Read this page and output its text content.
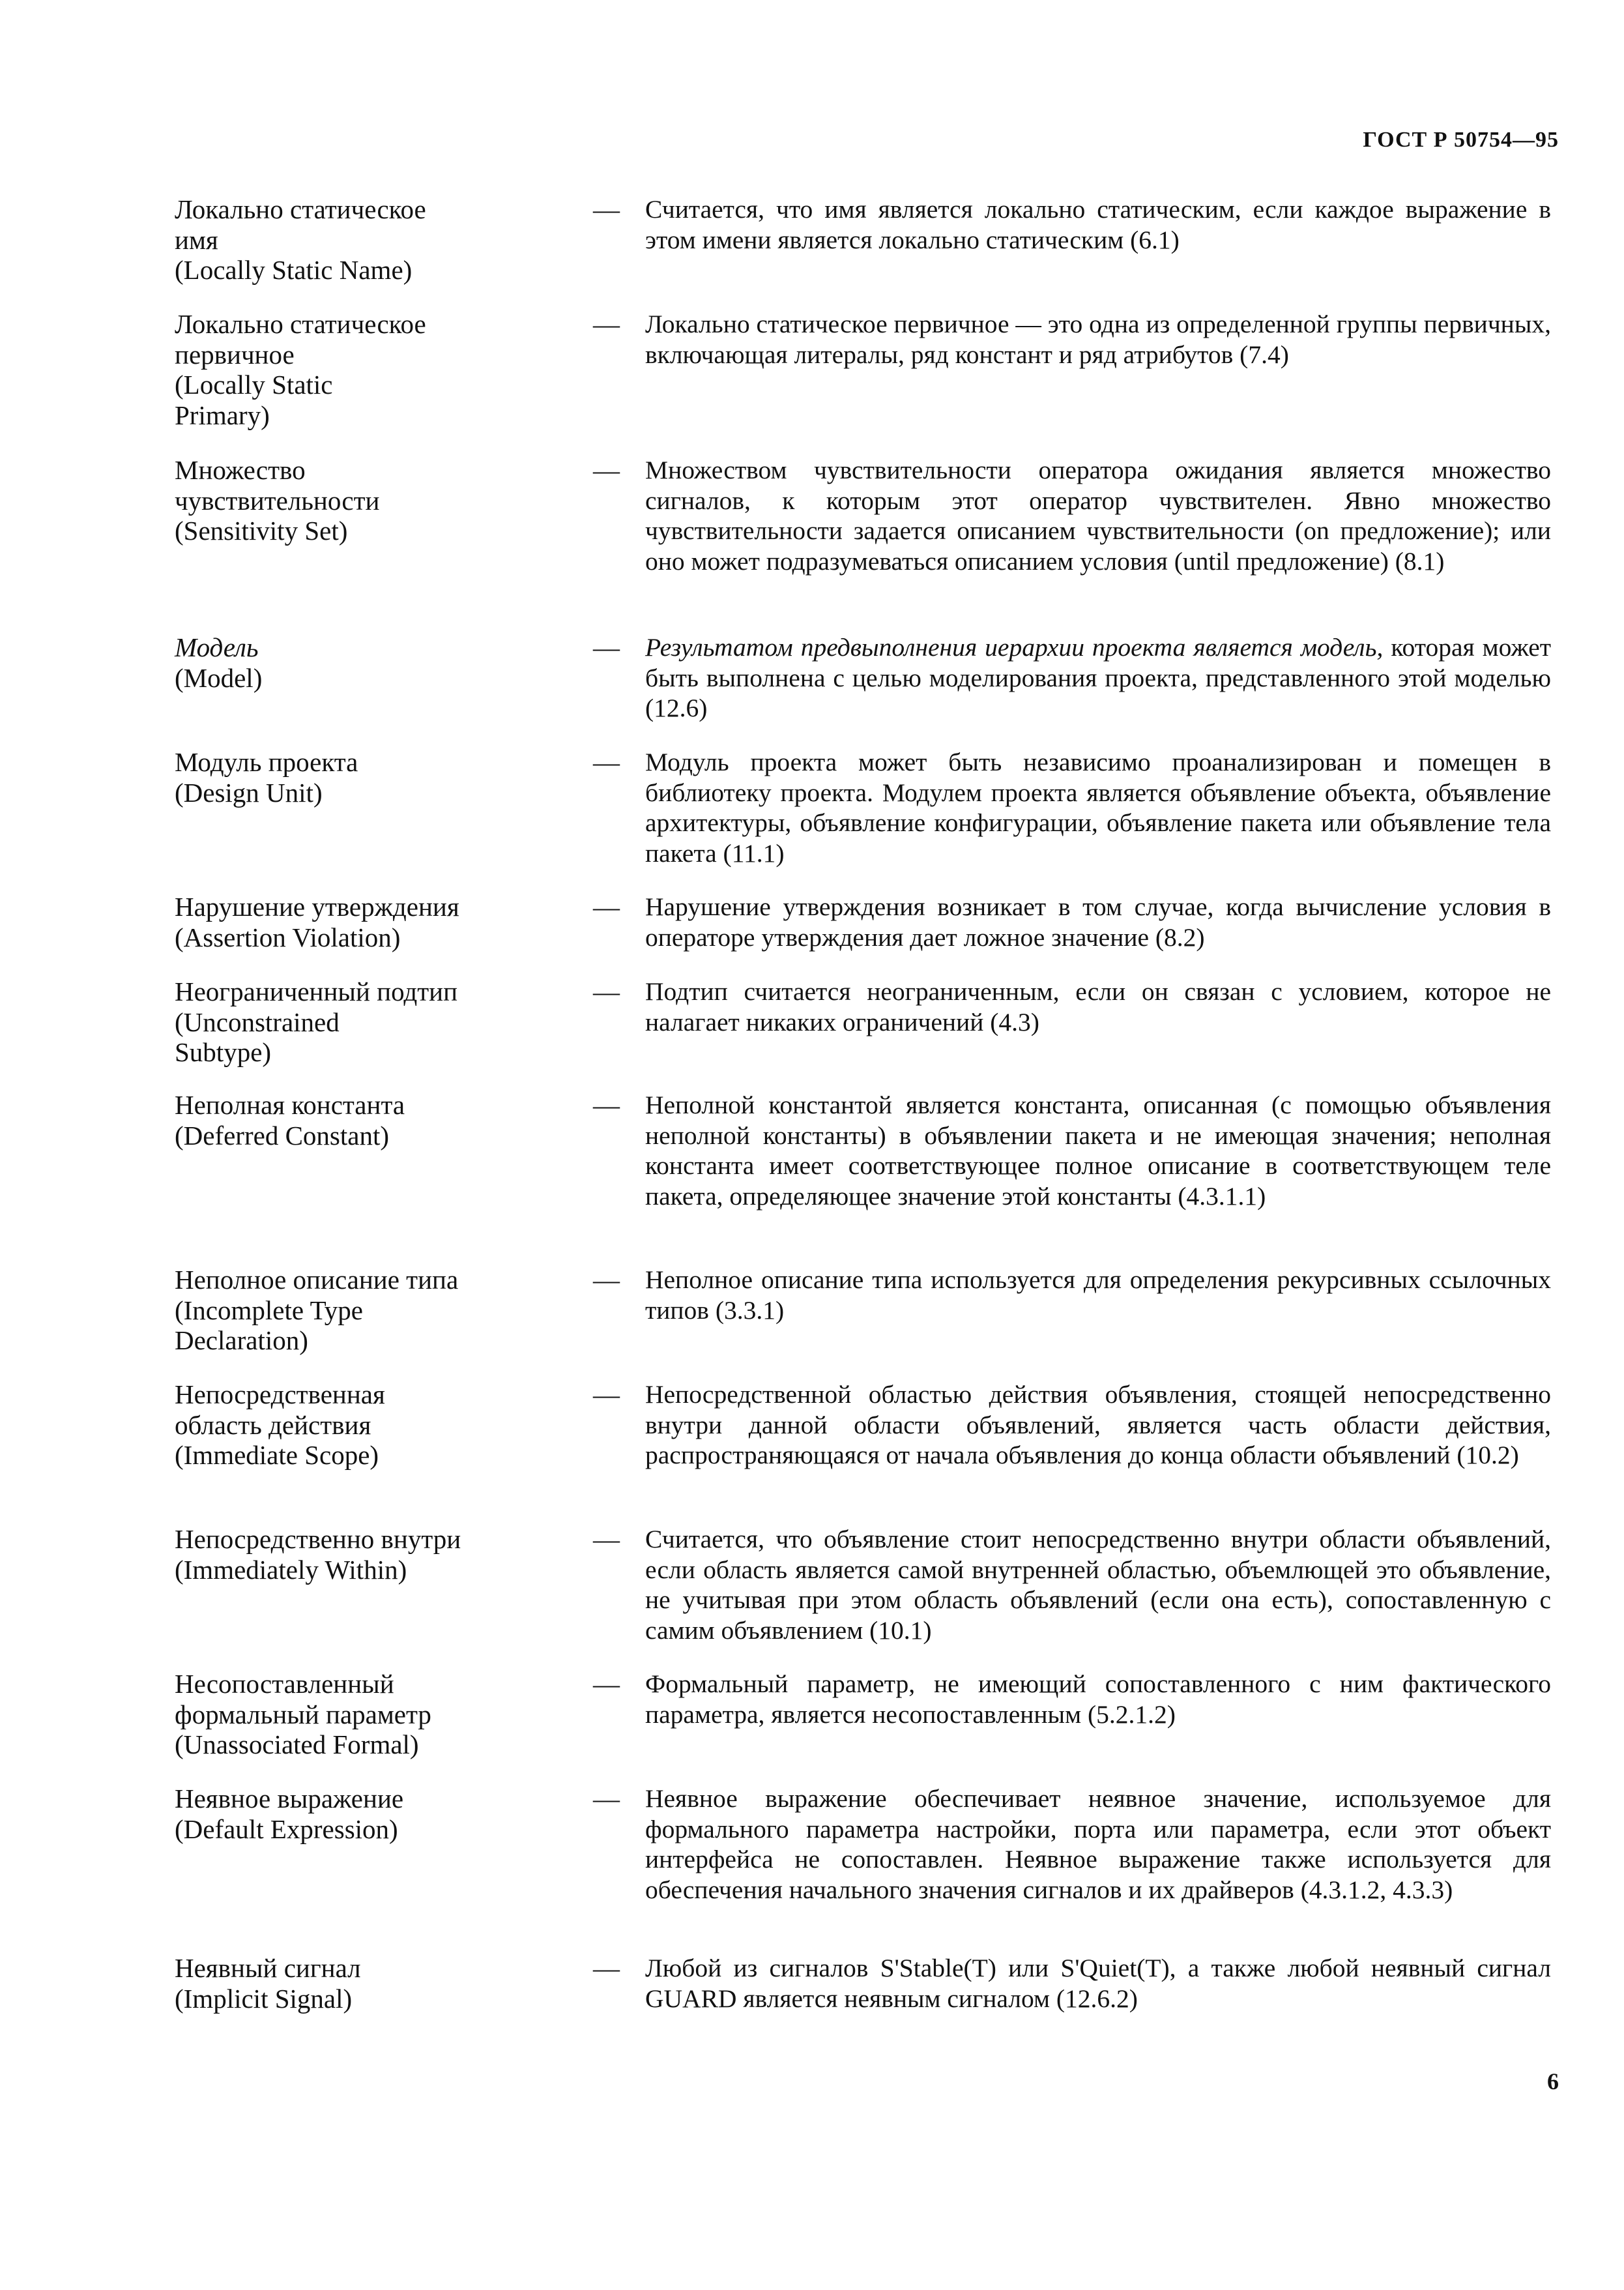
ГОСТ Р 50754—95
Локально статическое
имя
(Locally Static Name)
— Считается, что имя является локально статическим, если каждое выражение в этом имени является локально статическим (6.1)
Локально статическое
первичное
(Locally Static
Primary)
— Локально статическое первичное — это одна из определенной группы первичных, включающая литералы, ряд констант и ряд атрибутов (7.4)
Множество
чувствительности
(Sensitivity Set)
— Множеством чувствительности оператора ожидания является множество сигналов, к которым этот оператор чувствителен. Явно множество чувствительности задается описанием чувствительности (on предложение); или оно может подразумеваться описанием условия (until предложение) (8.1)
Модель
(Model)
— Результатом предвыполнения иерархии проекта является модель, которая может быть выполнена с целью моделирования проекта, представленного этой моделью (12.6)
Модуль проекта
(Design Unit)
— Модуль проекта может быть независимо проанализирован и помещен в библиотеку проекта. Модулем проекта является объявление объекта, объявление архитектуры, объявление конфигурации, объявление пакета или объявление тела пакета (11.1)
Нарушение утверждения
(Assertion Violation)
— Нарушение утверждения возникает в том случае, когда вычисление условия в операторе утверждения дает ложное значение (8.2)
Неограниченный подтип
(Unconstrained
Subtype)
— Подтип считается неограниченным, если он связан с условием, которое не налагает никаких ограничений (4.3)
Неполная константа
(Deferred Constant)
— Неполной константой является константа, описанная (с помощью объявления неполной константы) в объявлении пакета и не имеющая значения; неполная константа имеет соответствующее полное описание в соответствующем теле пакета, определяющее значение этой константы (4.3.1.1)
Неполное описание типа
(Incomplete Type
Declaration)
— Неполное описание типа используется для определения рекурсивных ссылочных типов (3.3.1)
Непосредственная
область действия
(Immediate Scope)
— Непосредственной областью действия объявления, стоящей непосредственно внутри данной области объявлений, является часть области действия, распространяющаяся от начала объявления до конца области объявлений (10.2)
Непосредственно внутри
(Immediately Within)
— Считается, что объявление стоит непосредственно внутри области объявлений, если область является самой внутренней областью, объемлющей это объявление, не учитывая при этом область объявлений (если она есть), сопоставленную с самим объявлением (10.1)
Несопоставленный
формальный параметр
(Unassociated Formal)
— Формальный параметр, не имеющий сопоставленного с ним фактического параметра, является несопоставленным (5.2.1.2)
Неявное выражение
(Default Expression)
— Неявное выражение обеспечивает неявное значение, используемое для формального параметра настройки, порта или параметра, если этот объект интерфейса не сопоставлен. Неявное выражение также используется для обеспечения начального значения сигналов и их драйверов (4.3.1.2, 4.3.3)
Неявный сигнал
(Implicit Signal)
— Любой из сигналов S'Stable(T) или S'Quiet(T), а также любой неявный сигнал GUARD является неявным сигналом (12.6.2)
6
